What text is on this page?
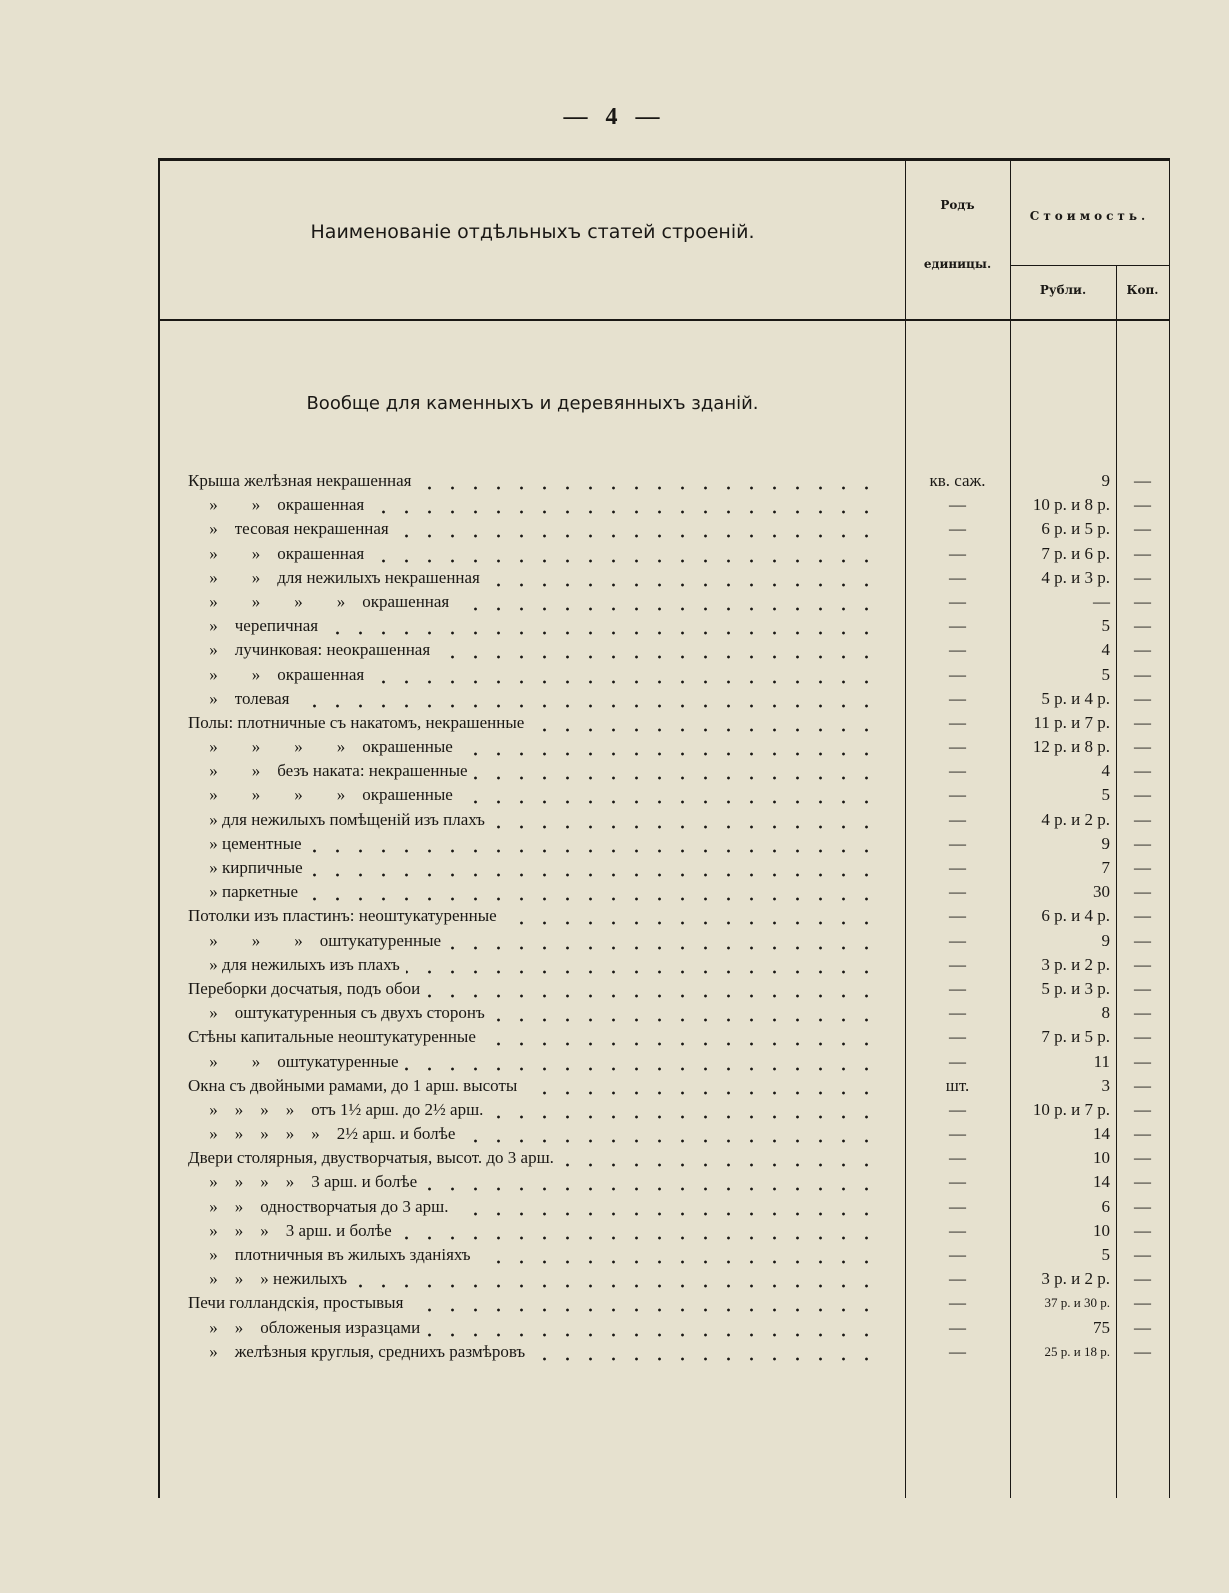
— 4 —
Наименованіе отдѣльныхъ статей строеній.
Родъ
единицы.
Стоимость.
Рубли.	Коп.
Вообще для каменныхъ и деревянныхъ зданій.
Крыша желѣзная некрашенная	кв. саж.	9	—
»        »    окрашенная	—	10 р. и 8 р.	—
»    тесовая некрашенная	—	6 р. и 5 р.	—
»        »    окрашенная	—	7 р. и 6 р.	—
»        »    для нежилыхъ некрашенная	—	4 р. и 3 р.	—
»        »        »        »    окрашенная	—	—	—
»    черепичная	—	5	—
»    лучинковая: неокрашенная	—	4	—
»        »    окрашенная	—	5	—
»    толевая	—	5 р. и 4 р.	—
Полы: плотничные съ накатомъ, некрашенные	—	11 р. и 7 р.	—
»        »        »        »    окрашенные	—	12 р. и 8 р.	—
»        »    безъ наката: некрашенные	—	4	—
»        »        »        »    окрашенные	—	5	—
» для нежилыхъ помѣщеній изъ плахъ	—	4 р. и 2 р.	—
» цементные	—	9	—
» кирпичные	—	7	—
» паркетные	—	30	—
Потолки изъ пластинъ: неоштукатуренные	—	6 р. и 4 р.	—
»        »        »    оштукатуренные	—	9	—
» для нежилыхъ изъ плахъ	—	3 р. и 2 р.	—
Переборки досчатыя, подъ обои	—	5 р. и 3 р.	—
»    оштукатуренныя съ двухъ сторонъ	—	8	—
Стѣны капитальные неоштукатуренные	—	7 р. и 5 р.	—
»        »    оштукатуренные	—	11	—
Окна съ двойными рамами, до 1 арш. высоты	шт.	3	—
»    »    »    »    отъ 1½ арш. до 2½ арш.	—	10 р. и 7 р.	—
»    »    »    »    »    2½ арш. и болѣе	—	14	—
Двери столярныя, двустворчатыя, высот. до 3 арш.	—	10	—
»    »    »    »    3 арш. и болѣе	—	14	—
»    »    одностворчатыя до 3 арш.	—	6	—
»    »    »    3 арш. и болѣе	—	10	—
»    плотничныя въ жилыхъ зданіяхъ	—	5	—
»    »    » нежилыхъ	—	3 р. и 2 р.	—
Печи голландскія, простывыя	—	37 р. и 30 р.	—
»    »    обложеныя изразцами	—	75	—
»    желѣзныя круглыя, среднихъ размѣровъ	—	25 р. и 18 р.	—
